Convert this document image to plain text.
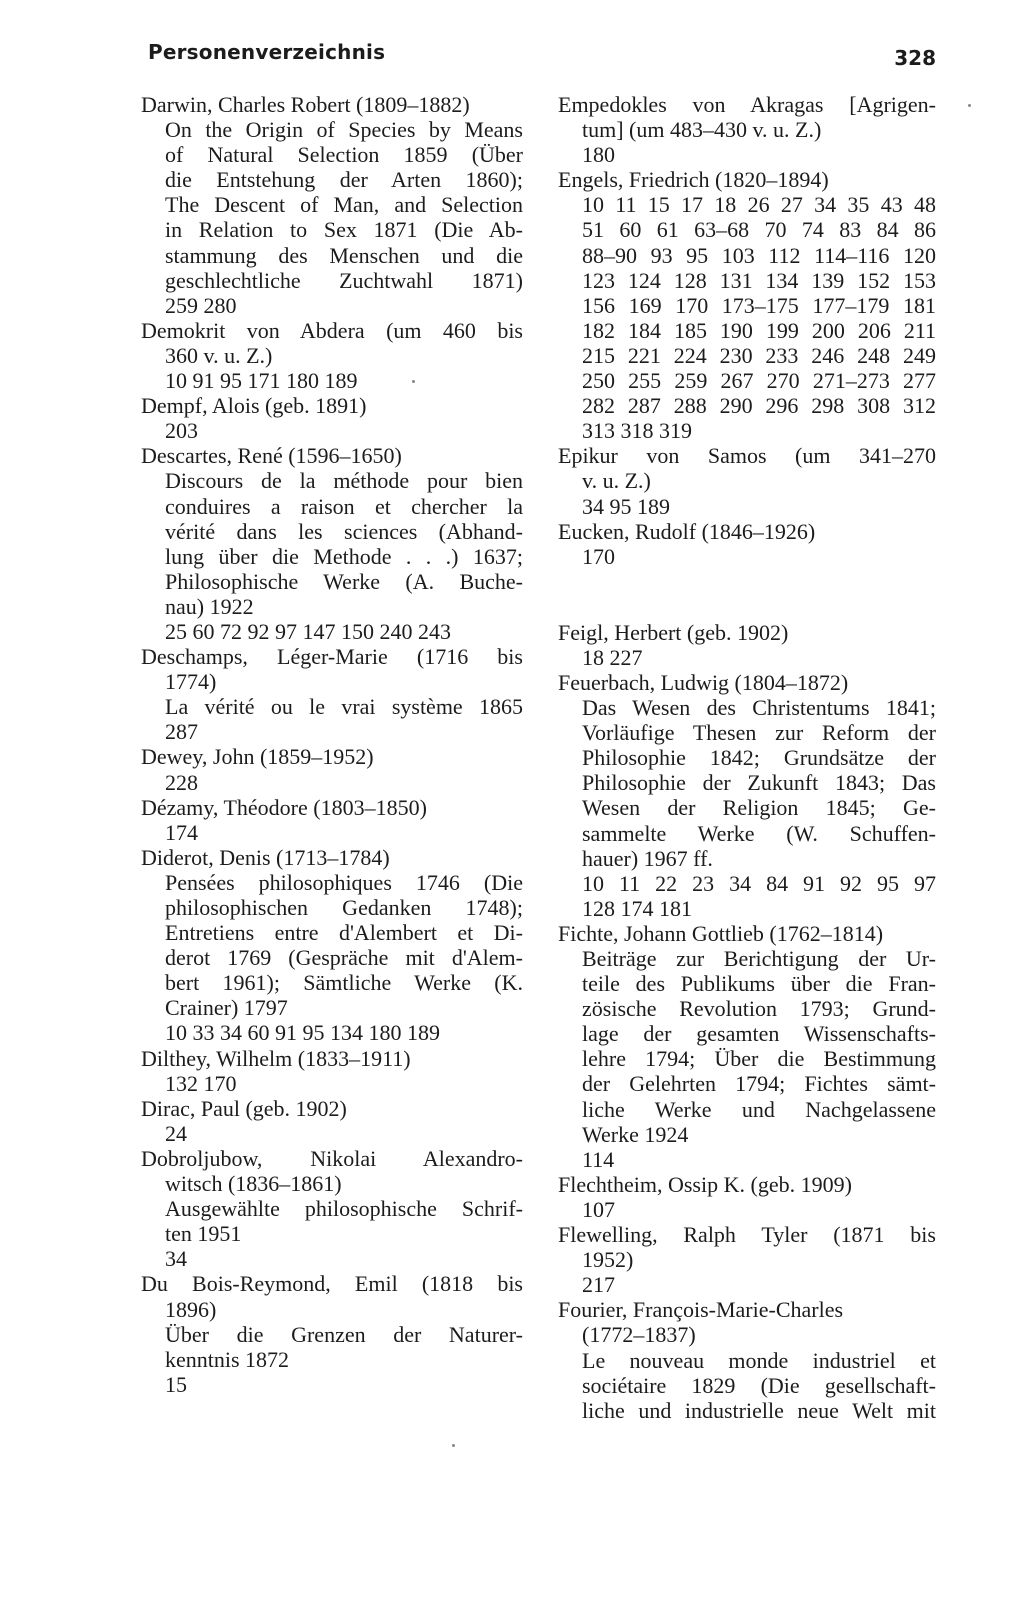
Personenverzeichnis	328
Darwin, Charles Robert (1809–1882)
On the Origin of Species by Means
of Natural Selection 1859 (Über
die Entstehung der Arten 1860);
The Descent of Man, and Selection
in Relation to Sex 1871 (Die Ab-
stammung des Menschen und die
geschlechtliche Zuchtwahl 1871)
259 280
Demokrit von Abdera (um 460 bis
360 v. u. Z.)
10 91 95 171 180 189
Dempf, Alois (geb. 1891)
203
Descartes, René (1596–1650)
Discours de la méthode pour bien
conduires a raison et chercher la
vérité dans les sciences (Abhand-
lung über die Methode . . .) 1637;
Philosophische Werke (A. Buche-
nau) 1922
25 60 72 92 97 147 150 240 243
Deschamps, Léger-Marie (1716 bis
1774)
La vérité ou le vrai système 1865
287
Dewey, John (1859–1952)
228
Dézamy, Théodore (1803–1850)
174
Diderot, Denis (1713–1784)
Pensées philosophiques 1746 (Die
philosophischen Gedanken 1748);
Entretiens entre d'Alembert et Di-
derot 1769 (Gespräche mit d'Alem-
bert 1961); Sämtliche Werke (K.
Crainer) 1797
10 33 34 60 91 95 134 180 189
Dilthey, Wilhelm (1833–1911)
132 170
Dirac, Paul (geb. 1902)
24
Dobroljubow, Nikolai Alexandro-
witsch (1836–1861)
Ausgewählte philosophische Schrif-
ten 1951
34
Du Bois-Reymond, Emil (1818 bis
1896)
Über die Grenzen der Naturer-
kenntnis 1872
15
Empedokles von Akragas [Agrigen-
tum] (um 483–430 v. u. Z.)
180
Engels, Friedrich (1820–1894)
10 11 15 17 18 26 27 34 35 43 48
51 60 61 63–68 70 74 83 84 86
88–90 93 95 103 112 114–116 120
123 124 128 131 134 139 152 153
156 169 170 173–175 177–179 181
182 184 185 190 199 200 206 211
215 221 224 230 233 246 248 249
250 255 259 267 270 271–273 277
282 287 288 290 296 298 308 312
313 318 319
Epikur von Samos (um 341–270
v. u. Z.)
34 95 189
Eucken, Rudolf (1846–1926)
170
Feigl, Herbert (geb. 1902)
18 227
Feuerbach, Ludwig (1804–1872)
Das Wesen des Christentums 1841;
Vorläufige Thesen zur Reform der
Philosophie 1842; Grundsätze der
Philosophie der Zukunft 1843; Das
Wesen der Religion 1845; Ge-
sammelte Werke (W. Schuffen-
hauer) 1967 ff.
10 11 22 23 34 84 91 92 95 97
128 174 181
Fichte, Johann Gottlieb (1762–1814)
Beiträge zur Berichtigung der Ur-
teile des Publikums über die Fran-
zösische Revolution 1793; Grund-
lage der gesamten Wissenschafts-
lehre 1794; Über die Bestimmung
der Gelehrten 1794; Fichtes sämt-
liche Werke und Nachgelassene
Werke 1924
114
Flechtheim, Ossip K. (geb. 1909)
107
Flewelling, Ralph Tyler (1871 bis
1952)
217
Fourier, François-Marie-Charles
(1772–1837)
Le nouveau monde industriel et
sociétaire 1829 (Die gesellschaft-
liche und industrielle neue Welt mit
